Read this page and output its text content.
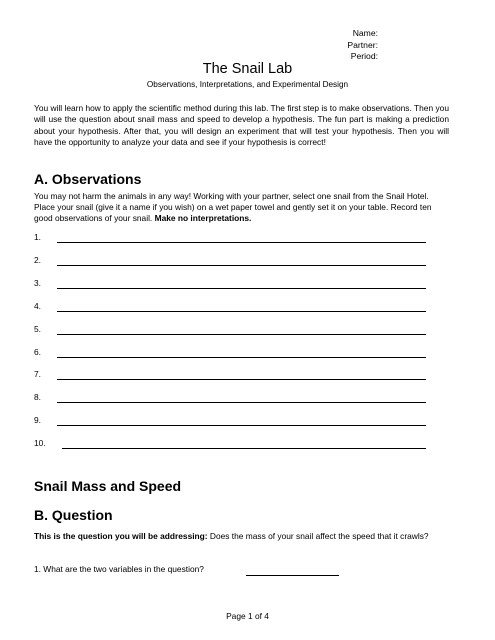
Name:
Partner:
Period:
The Snail Lab
Observations, Interpretations, and Experimental Design
You will learn how to apply the scientific method during this lab. The first step is to make observations. Then you will use the question about snail mass and speed to develop a hypothesis. The fun part is making a prediction about your hypothesis. After that, you will design an experiment that will test your hypothesis. Then you will have the opportunity to analyze your data and see if your hypothesis is correct!
A. Observations
You may not harm the animals in any way! Working with your partner, select one snail from the Snail Hotel. Place your snail (give it a name if you wish) on a wet paper towel and gently set it on your table. Record ten good observations of your snail. Make no interpretations.
1.
2.
3.
4.
5.
6.
7.
8.
9.
10.
Snail Mass and Speed
B. Question
This is the question you will be addressing: Does the mass of your snail affect the speed that it crawls?
1. What are the two variables in the question?
Page 1 of 4
